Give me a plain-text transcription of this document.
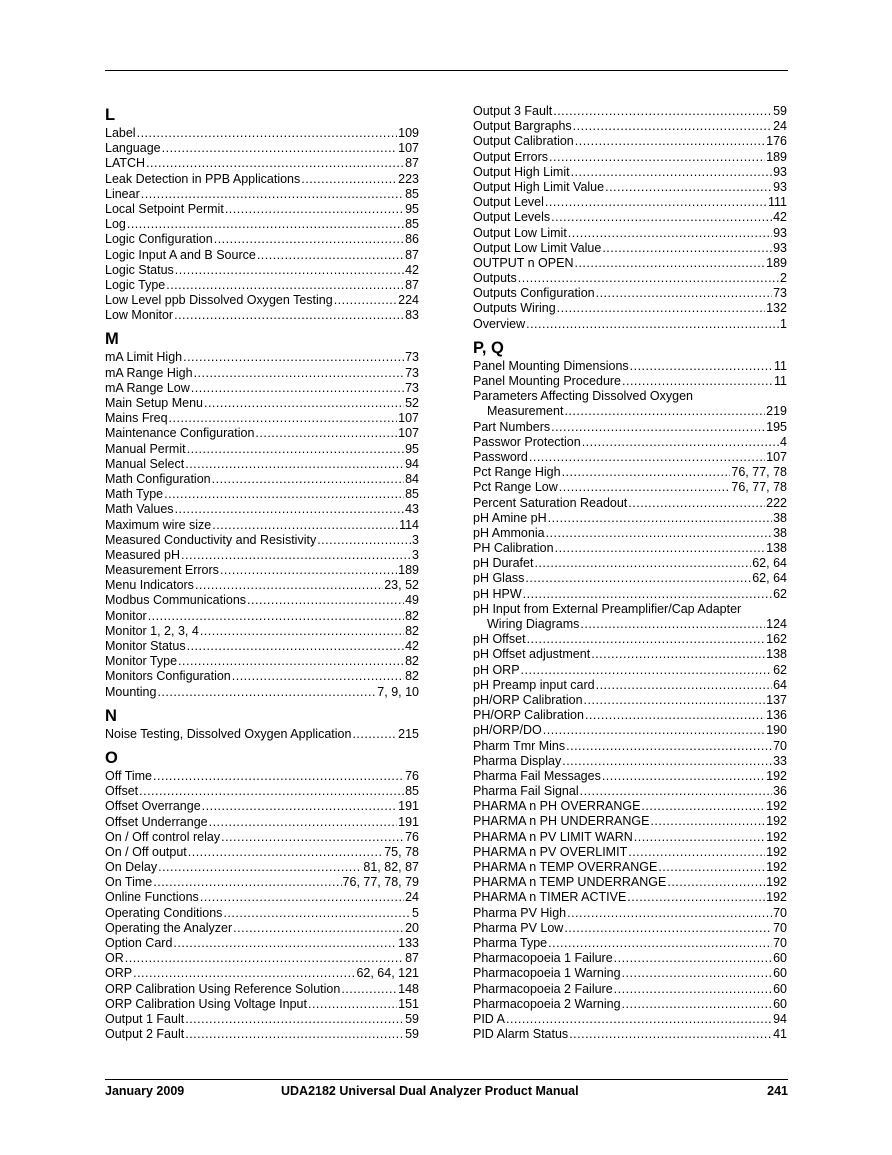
L
Label .....	109
Language .....	107
LATCH .....	87
Leak Detection in PPB Applications .....	223
Linear .....	85
Local Setpoint Permit .....	95
Log .....	85
Logic Configuration .....	86
Logic Input A and B Source .....	87
Logic Status .....	42
Logic Type .....	87
Low Level ppb Dissolved Oxygen Testing .....	224
Low Monitor .....	83
M
mA Limit High .....	73
mA Range High .....	73
mA Range Low .....	73
Main Setup Menu .....	52
Mains Freq .....	107
Maintenance Configuration .....	107
Manual Permit .....	95
Manual Select .....	94
Math Configuration .....	84
Math Type .....	85
Math Values .....	43
Maximum wire size .....	114
Measured Conductivity and Resistivity .....	3
Measured pH .....	3
Measurement Errors .....	189
Menu Indicators .....	23, 52
Modbus Communications .....	49
Monitor .....	82
Monitor 1, 2, 3, 4 .....	82
Monitor Status .....	42
Monitor Type .....	82
Monitors Configuration .....	82
Mounting .....	7, 9, 10
N
Noise Testing, Dissolved Oxygen Application .....	215
O
Off Time .....	76
Offset .....	85
Offset Overrange .....	191
Offset Underrange .....	191
On / Off control relay .....	76
On / Off output .....	75, 78
On Delay .....	81, 82, 87
On Time .....	76, 77, 78, 79
Online Functions .....	24
Operating Conditions .....	5
Operating the Analyzer .....	20
Option Card .....	133
OR .....	87
ORP .....	62, 64, 121
ORP Calibration Using Reference Solution .....	148
ORP Calibration Using Voltage Input .....	151
Output 1 Fault .....	59
Output 2 Fault .....	59
Output 3 Fault .....	59
Output Bargraphs .....	24
Output Calibration .....	176
Output Errors .....	189
Output High Limit .....	93
Output High Limit Value .....	93
Output Level .....	111
Output Levels .....	42
Output Low Limit .....	93
Output Low Limit Value .....	93
OUTPUT n OPEN .....	189
Outputs .....	2
Outputs Configuration .....	73
Outputs Wiring .....	132
Overview .....	1
P, Q
Panel Mounting Dimensions .....	11
Panel Mounting Procedure .....	11
Parameters Affecting Dissolved Oxygen
Measurement .....	219
Part Numbers .....	195
Passwor Protection .....	4
Password .....	107
Pct Range High .....	76, 77, 78
Pct Range Low .....	76, 77, 78
Percent Saturation Readout .....	222
pH Amine pH .....	38
pH Ammonia .....	38
PH Calibration .....	138
pH Durafet .....	62, 64
pH Glass .....	62, 64
pH HPW .....	62
pH Input from External Preamplifier/Cap Adapter
Wiring Diagrams .....	124
pH Offset .....	162
pH Offset adjustment .....	138
pH ORP .....	62
pH Preamp input card .....	64
pH/ORP Calibration .....	137
PH/ORP Calibration .....	136
pH/ORP/DO .....	190
Pharm Tmr Mins .....	70
Pharma Display .....	33
Pharma Fail Messages .....	192
Pharma Fail Signal .....	36
PHARMA n PH OVERRANGE .....	192
PHARMA n PH UNDERRANGE .....	192
PHARMA n PV LIMIT WARN .....	192
PHARMA n PV OVERLIMIT .....	192
PHARMA n TEMP OVERRANGE .....	192
PHARMA n TEMP UNDERRANGE .....	192
PHARMA n TIMER ACTIVE .....	192
Pharma PV High .....	70
Pharma PV Low .....	70
Pharma Type .....	70
Pharmacopoeia 1 Failure .....	60
Pharmacopoeia 1 Warning .....	60
Pharmacopoeia 2 Failure .....	60
Pharmacopoeia 2 Warning .....	60
PID A .....	94
PID Alarm Status .....	41
January 2009	UDA2182 Universal Dual Analyzer Product Manual	241
